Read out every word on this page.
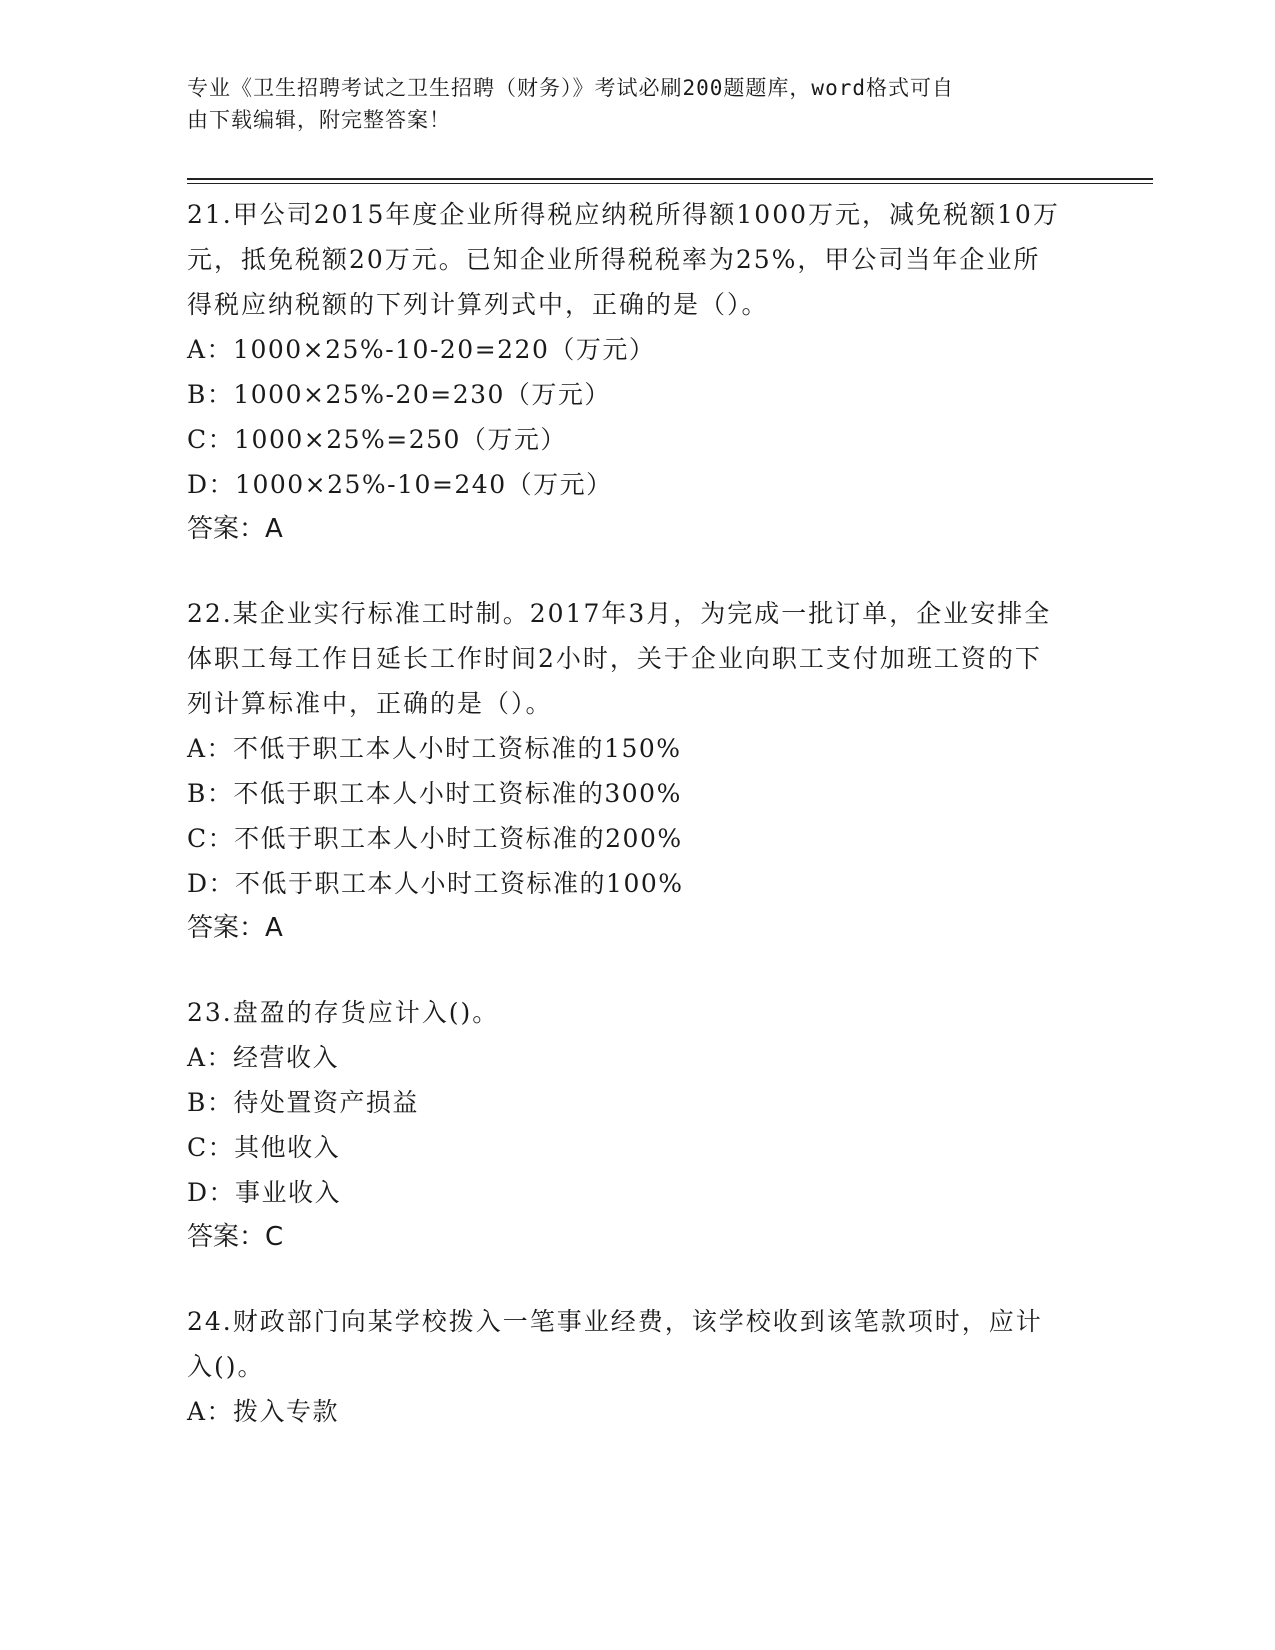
专业《卫生招聘考试之卫生招聘（财务）》考试必刷200题题库，word格式可自
由下载编辑，附完整答案！

21.甲公司2015年度企业所得税应纳税所得额1000万元，减免税额10万元，抵免税额20万元。已知企业所得税税率为25%，甲公司当年企业所得税应纳税额的下列计算列式中，正确的是（）。

A：1000×25%-10-20=220（万元）

B：1000×25%-20=230（万元）

C：1000×25%=250（万元）

D：1000×25%-10=240（万元）

答案：A

22.某企业实行标准工时制。2017年3月，为完成一批订单，企业安排全体职工每工作日延长工作时间2小时，关于企业向职工支付加班工资的下列计算标准中，正确的是（）。

A：不低于职工本人小时工资标准的150%

B：不低于职工本人小时工资标准的300%

C：不低于职工本人小时工资标准的200%

D：不低于职工本人小时工资标准的100%

答案：A

23.盘盈的存货应计入()。

A：经营收入

B：待处置资产损益

C：其他收入

D：事业收入

答案：C

24.财政部门向某学校拨入一笔事业经费，该学校收到该笔款项时，应计入()。

A：拨入专款
